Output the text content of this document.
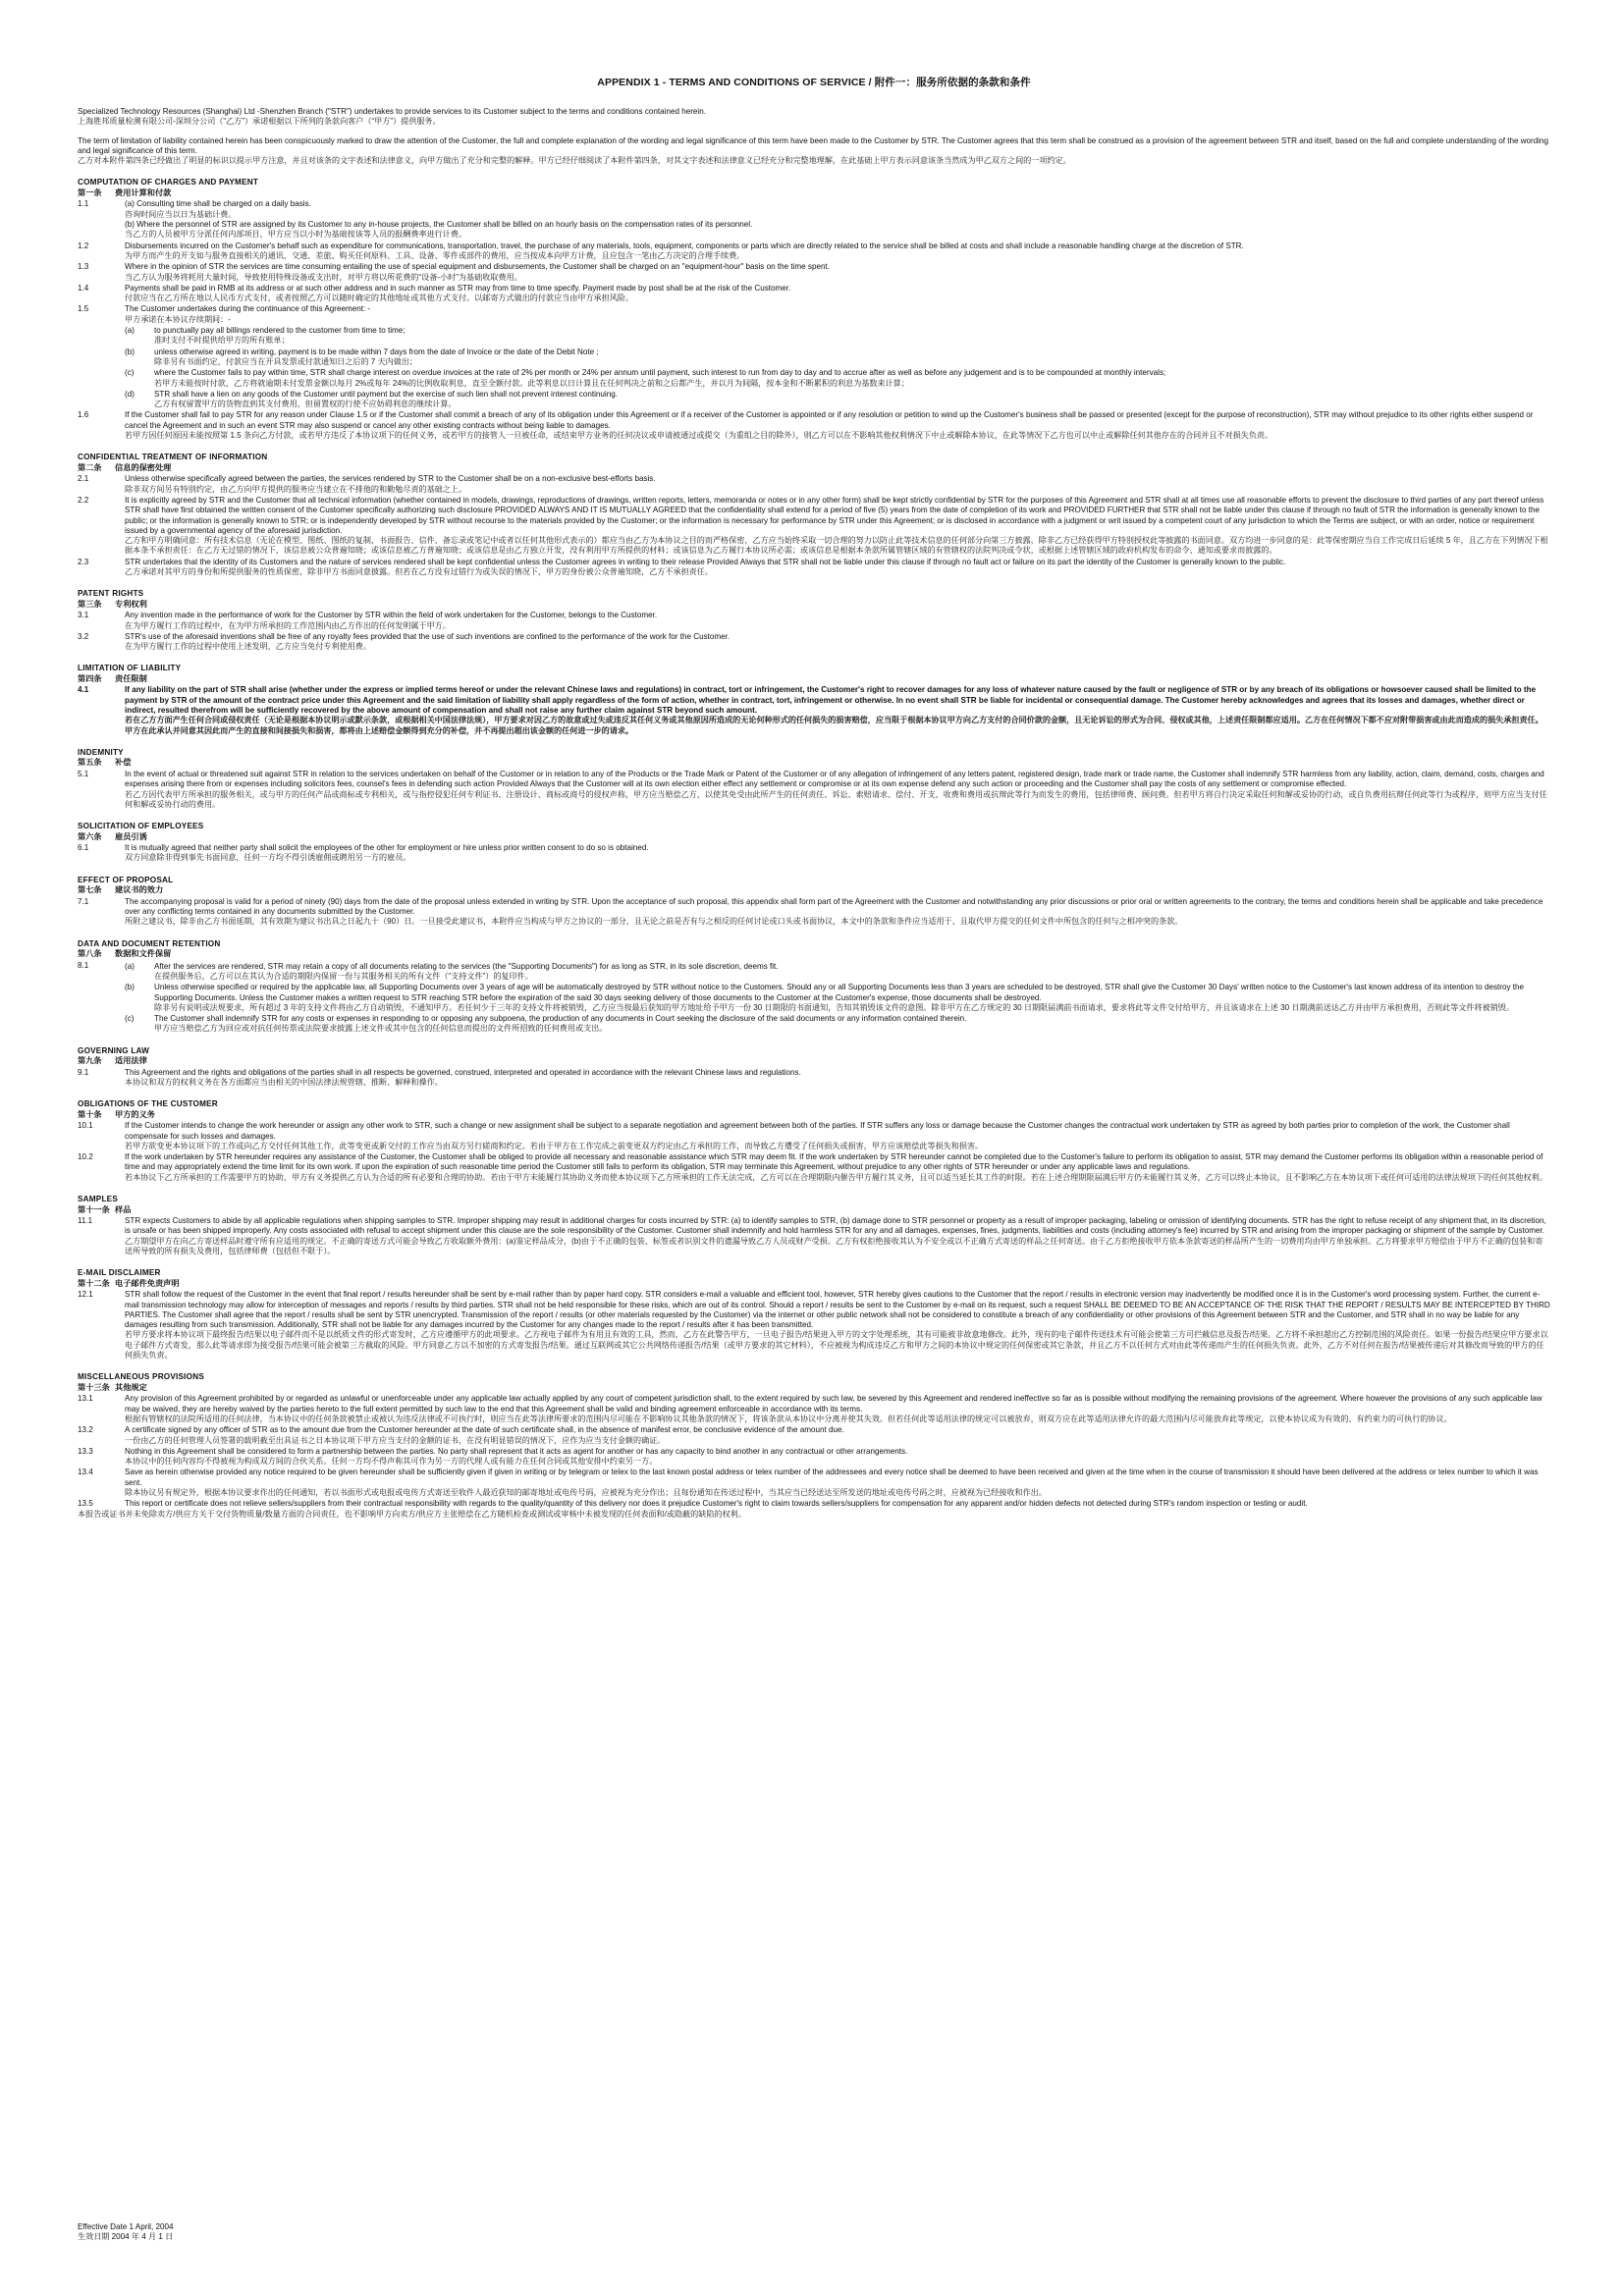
APPENDIX 1 - TERMS AND CONDITIONS OF SERVICE / 附件一：服务所依据的条款和条件
Specialized Technology Resources (Shanghai) Ltd -Shenzhen Branch ("STR") undertakes to provide services to its Customer subject to the terms and conditions contained herein.
上海胜邦质量检测有限公司-深圳分公司（“乙方”）承诺根据以下所列的条款向客户（“甲方”）提供服务。
The term of limitation of liability contained herein has been conspicuously marked to draw the attention of the Customer, the full and complete explanation of the wording and legal significance of this term have been made to the Customer by STR. The Customer agrees that this term shall be construed as a provision of the agreement between STR and itself, based on the full and complete understanding of the wording and legal significance of this term.
乙方对本附件第四条已经做出了明显的标识以提示甲方注意，并且对该条的文字表述和法律意义，向甲方做出了充分和完整的解释。甲方已经仔细阅读了本附件第四条，对其文字表述和法律意义已经充分和完整地理解，在此基础上甲方表示同意该条当然成为甲乙双方之间的一项约定。
COMPUTATION OF CHARGES AND PAYMENT
第一条 费用计算和付款
1.1	(a) Consulting time shall be charged on a daily basis.
咨询时间应当以日为基础计费。
(b) Where the personnel of STR are assigned by its Customer to any in-house projects, the Customer shall be billed on an hourly basis on the compensation rates of its personnel.
当乙方的人员被甲方分派任何内部项目，甲方应当以小时为基础按该等人员的报酬费率进行计费。
1.2	Disbursements incurred on the Customer's behalf such as expenditure for communications, transportation, travel, the purchase of any materials, tools, equipment, components or parts which are directly related to the service shall be billed at costs and shall include a reasonable handling charge at the discretion of STR.
为甲方而产生的开支如与服务直接相关的通讯、交通、差旅、购买任何原料、工具、设备、零件或部件的费用，应当按成本向甲方计费，且应包含一笔由乙方决定的合理手续费。
1.3	Where in the opinion of STR the services are time consuming entailing the use of special equipment and disbursements, the Customer shall be charged on an "equipment-hour" basis on the time spent.
当乙方认为服务将耗用大量时间，导致使用特殊设备或支出时，对甲方将以所花费的“设备-小时”为基础收取费用。
1.4	Payments shall be paid in RMB at its address or at such other address and in such manner as STR may from time to time specify. Payment made by post shall be at the risk of the Customer.
付款应当在乙方所在地以人民币方式支付，或者按照乙方可以随时确定的其他地址或其他方式支付。以邮寄方式做出的付款应当由甲方承担风险。
1.5	The Customer undertakes during the continuance of this Agreement: -
甲方承诺在本协议存续期间：-
(a)	to punctually pay all billings rendered to the customer from time to time;
准时支付不时提供给甲方的所有账单；
(b)	unless otherwise agreed in writing, payment is to be made within 7 days from the date of Invoice or the date of the Debit Note ;
除非另有书面约定，付款应当在开具发票或付款通知日之后的 7 天内做出；
(c)	where the Customer fails to pay within time, STR shall charge interest on overdue invoices at the rate of 2% per month or 24% per annum until payment, such interest to run from day to day and to accrue after as well as before any judgement and is to be compounded at monthly intervals;
若甲方未能按时付款，乙方将就逾期未付发票金额以每月 2%或每年 24%的比例收取利息，直至全额付款。此等利息以日计算且在任何判决之前和之后都产生，并以月为间隔，按本金和不断累积的利息为基数来计算；
(d)	STR shall have a lien on any goods of the Customer until payment but the exercise of such lien shall not prevent interest continuing.
乙方有权留置甲方的货物直到其支付费用，但留置权的行使不应妨碍利息的继续计算。
1.6	If the Customer shall fail to pay STR for any reason under Clause 1.5 or if the Customer shall commit a breach of any of its obligation under this Agreement or if a receiver of the Customer is appointed or if any resolution or petition to wind up the Customer's business shall be passed or presented (except for the purpose of reconstruction), STR may without prejudice to its other rights either suspend or cancel the Agreement and in such an event STR may also suspend or cancel any other existing contracts without being liable to damages.
若甲方因任何原因未能按照第 1.5 条向乙方付款，或若甲方违反了本协议项下的任何义务，或若甲方的接管人一旦被任命，或结束甲方业务的任何决议或申请被通过或提交（为重组之目的除外），则乙方可以在不影响其他权利情况下中止或解除本协议，在此等情况下乙方也可以中止或解除任何其他存在的合同并且不对损失负责。
CONFIDENTIAL TREATMENT OF INFORMATION
第二条 信息的保密处理
2.1	Unless otherwise specifically agreed between the parties, the services rendered by STR to the Customer shall be on a non-exclusive best-efforts basis.
除非双方间另有特别约定，由乙方向甲方提供的服务应当建立在不排他的和勤勉尽责的基础之上。
2.2	It is explicitly agreed by STR and the Customer that all technical information (whether contained in models, drawings, reproductions of drawings, written reports, letters, memoranda or notes or in any other form) shall be kept strictly confidential by STR for the purposes of this Agreement and STR shall at all times use all reasonable efforts to prevent the disclosure to third parties of any part thereof unless STR shall have first obtained the written consent of the Customer specifically authorizing such disclosure PROVIDED ALWAYS AND IT IS MUTUALLY AGREED that the confidentiality shall extend for a period of five (5) years from the date of completion of its work and PROVIDED FURTHER that STR shall not be liable under this clause if through no fault of STR the information is generally known to the public; or the information is generally known to STR; or is independently developed by STR without recourse to the materials provided by the Customer; or the information is necessary for performance by STR under this Agreement; or is disclosed in accordance with a judgment or writ issued by a competent court of any jurisdiction to which the Terms are subject, or with an order, notice or requirement issued by a governmental agency of the aforesaid jurisdiction.
乙方和甲方明确同意：所有技术信息（无论在模型、图纸、图纸的复制、书面报告、信件、备忘录或笔记中或者以任何其他形式表示的）都应当由乙方为本协议之目的而严格保密，乙方应当始终采取一切合理的努力以防止此等技术信息的任何部分向第三方披露，除非乙方已经获得甲方特别授权此等披露的书面同意。双方均进一步同意的是：此等保密期应当自工作完成日后延续 5 年，且乙方在下列情况下根据本条不承担责任：在乙方无过错的情况下，该信息被公众普遍知晓；或该信息被乙方普遍知晓；或该信息是由乙方独立开发，没有利用甲方所提供的材料；或该信息为乙方履行本协议所必需；或该信息是根据本条款所属管辖区域的有管辖权的法院判决或令状，或根据上述管辖区域的政府机构发布的命令、通知或要求而披露的。
2.3	STR undertakes that the identity of its Customers and the nature of services rendered shall be kept confidential unless the Customer agrees in writing to their release Provided Always that STR shall not be liable under this clause if through no fault act or failure on its part the identity of the Customer is generally known to the public.
乙方承诺对其甲方的身份和所提供服务的性质保密，除非甲方书面同意披露。但若在乙方没有过错行为或失误的情况下，甲方的身份被公众普遍知晓，乙方不承担责任。
PATENT RIGHTS
第三条 专利权利
3.1	Any invention made in the performance of work for the Customer by STR within the field of work undertaken for the Customer, belongs to the Customer.
在为甲方履行工作的过程中，在为甲方所承担的工作范围内由乙方作出的任何发明属于甲方。
3.2	STR's use of the aforesaid inventions shall be free of any royalty fees provided that the use of such inventions are confined to the performance of the work for the Customer.
在为甲方履行工作的过程中使用上述发明，乙方应当免付专利使用费。
LIMITATION OF LIABILITY
第四条 责任限制
4.1	If any liability on the part of STR shall arise (whether under the express or implied terms hereof or under the relevant Chinese laws and regulations) in contract, tort or infringement, the Customer's right to recover damages for any loss of whatever nature caused by the fault or negligence of STR or by any breach of its obligations or howsoever caused shall be limited to the payment by STR of the amount of the contract price under this Agreement and the said limitation of liability shall apply regardless of the form of action, whether in contract, tort, infringement or otherwise. In no event shall STR be liable for incidental or consequential damage. The Customer hereby acknowledges and agrees that its losses and damages, whether direct or indirect, resulted therefrom will be sufficiently recovered by the above amount of compensation and shall not raise any further claim against STR beyond such amount.
若在乙方方面产生任何合同或侵权责任（无论是根据本协议明示或默示条款，或根据相关中国法律法规），甲方要求对因乙方的故意或过失或违反其任何义务或其他原因所造成的无论何种形式的任何损失的损害赔偿，应当限于根据本协议甲方向乙方支付的合同价款的金额，且无论诉讼的形式为合同、侵权或其他，上述责任限制都应适用。乙方在任何情况下都不应对附带损害或由此而造成的损失承担责任。甲方在此承认并同意其因此而产生的直接和间接损失和损害，都将由上述赔偿金额得到充分的补偿，并不再提出超出该金额的任何进一步的请求。
INDEMNITY
第五条 补偿
5.1	In the event of actual or threatened suit against STR in relation to the services undertaken on behalf of the Customer or in relation to any of the Products or the Trade Mark or Patent of the Customer or of any allegation of infringement of any letters patent, registered design, trade mark or trade name, the Customer shall indemnify STR harmless from any liability, action, claim, demand, costs, charges and expenses arising there from or expenses including solicitors fees, counsel's fees in defending such action Provided Always that the Customer will at its own election either effect any settlement or compromise or at its own expense defend any such action or proceeding and the Customer shall pay the costs of any settlement or compromise effected.
若乙方因代表甲方所承担的服务相关，或与甲方的任何产品或商标或专利相关，或与指控侵犯任何专利证书、注册设计、商标或商号的侵权声称，甲方应当赔偿乙方，以使其免受由此所产生的任何责任、诉讼、索赔请求、偿付、开支、收费和费用或抗辩此等行为而发生的费用，包括律师费、顾问费。但若甲方将自行决定采取任何和解或妥协的行动，或自负费用抗辩任何此等行为或程序，则甲方应当支付任何和解或妥协行动的费用。
SOLICITATION OF EMPLOYEES
第六条 雇员引诱
6.1	It is mutually agreed that neither party shall solicit the employees of the other for employment or hire unless prior written consent to do so is obtained.
双方同意除非得到事先书面同意，任何一方均不得引诱雇佣或聘用另一方的雇员。
EFFECT OF PROPOSAL
第七条 建议书的效力
7.1	The accompanying proposal is valid for a period of ninety (90) days from the date of the proposal unless extended in writing by STR. Upon the acceptance of such proposal, this appendix shall form part of the Agreement with the Customer and notwithstanding any prior discussions or prior oral or written agreements to the contrary, the terms and conditions herein shall be applicable and take precedence over any conflicting terms contained in any documents submitted by the Customer.
所附之建议书，除非由乙方书面延期，其有效期为建议书出具之日起九十（90）日。一旦接受此建议书，本附件应当构成与甲方之协议的一部分，且无论之前是否有与之相反的任何讨论或口头或书面协议，本文中的条款和条件应当适用于、且取代甲方提交的任何文件中所包含的任何与之相冲突的条款。
DATA AND DOCUMENT RETENTION
第八条 数据和文件保留
8.1	(a)	After the services are rendered, STR may retain a copy of all documents relating to the services (the "Supporting Documents") for as long as STR, in its sole discretion, deems fit.
在提供服务后，乙方可以在其认为合适的期限内保留一份与其服务相关的所有文件（“支持文件”）的复印件。
(b)	Unless otherwise specified or required by the applicable law, all Supporting Documents over 3 years of age will be automatically destroyed by STR without notice to the Customers. Should any or all Supporting Documents less than 3 years are scheduled to be destroyed, STR shall give the Customer 30 Days' written notice to the Customer's last known address of its intention to destroy the Supporting Documents. Unless the Customer makes a written request to STR reaching STR before the expiration of the said 30 days seeking delivery of those documents to the Customer at the Customer's expense, those documents shall be destroyed.
除非另有说明或法规要求，所有超过 3 年的支持文件将由乙方自动销毁，不通知甲方。若任何少于三年的支持文件将被销毁，乙方应当按最后获知的甲方地址给予甲方一份 30 日期限的书面通知，告知其销毁该文件的意图。除非甲方在乙方规定的 30 日期限届满前书面请求，要求将此等文件交付给甲方，并且该请求在上述 30 日期满前送达乙方并由甲方承担费用，否则此等文件将被销毁。
(c)	The Customer shall indemnify STR for any costs or expenses in responding to or opposing any subpoena, the production of any documents in Court seeking the disclosure of the said documents or any information contained therein.
甲方应当赔偿乙方为回应或对抗任何传票或法院要求披露上述文件或其中包含的任何信息而提出的文件所招致的任何费用或支出。
GOVERNING LAW
第九条 适用法律
9.1	This Agreement and the rights and obligations of the parties shall in all respects be governed, construed, interpreted and operated in accordance with the relevant Chinese laws and regulations.
本协议和双方的权利义务在各方面都应当由相关的中国法律法规管辖、推断、解释和操作。
OBLIGATIONS OF THE CUSTOMER
第十条 甲方的义务
10.1	If the Customer intends to change the work hereunder or assign any other work to STR, such a change or new assignment shall be subject to a separate negotiation and agreement between both of the parties. If STR suffers any loss or damage because the Customer changes the contractual work undertaken by STR as agreed by both parties prior to completion of the work, the Customer shall compensate for such losses and damages.
若甲方欲变更本协议项下的工作或向乙方交付任何其他工作，此等变更或新交付的工作应当由双方另行磋商和约定。若由于甲方在工作完成之前变更双方约定由乙方承担的工作，而导致乙方遭受了任何损失或损害，甲方应该赔偿此等损失和损害。
10.2	If the work undertaken by STR hereunder requires any assistance of the Customer, the Customer shall be obliged to provide all necessary and reasonable assistance which STR may deem fit. If the work undertaken by STR hereunder cannot be completed due to the Customer's failure to perform its obligation to assist, STR may demand the Customer performs its obligation within a reasonable period of time and may appropriately extend the time limit for its own work. If upon the expiration of such reasonable time period the Customer still fails to perform its obligation, STR may terminate this Agreement, without prejudice to any other rights of STR hereunder or under any applicable laws and regulations.
若本协议下乙方所承担的工作需要甲方的协助，甲方有义务提供乙方认为合适的所有必要和合理的协助。若由于甲方未能履行其协助义务而使本协议项下乙方所承担的工作无法完成，乙方可以在合理期限内催告甲方履行其义务，且可以适当延长其工作的时限。若在上述合理期限届满后甲方仍未能履行其义务，乙方可以终止本协议，且不影响乙方在本协议项下或任何可适用的法律法规项下的任何其他权利。
SAMPLES
第十一条 样品
11.1	STR expects Customers to abide by all applicable regulations when shipping samples to STR. Improper shipping may result in additional charges for costs incurred by STR: (a) to identify samples to STR, (b) damage done to STR personnel or property as a result of improper packaging, labeling or omission of identifying documents. STR has the right to refuse receipt of any shipment that, in its discretion, is unsafe or has been shipped improperly. Any costs associated with refusal to accept shipment under this clause are the sole responsibility of the Customer. Customer shall indemnify and hold harmless STR for any and all damages, expenses, fines, judgments, liabilities and costs (including attorney's fee) incurred by STR and arising from the improper packaging or shipment of the sample by Customer.
乙方期望甲方在向乙方寄送样品时遵守所有应适用的规定。不正确的寄送方式可能会导致乙方收取额外费用：(a)鉴定样品成分，(b)由于不正确的包装、标签或者识别文件的遗漏导致乙方人员或财产受损。乙方有权拒绝接收其认为不安全或以不正确方式寄送的样品之任何寄送。由于乙方拒绝接收甲方依本条款寄送的样品所产生的一切费用均由甲方单独承担。乙方将要求甲方赔偿由于甲方不正确的包装和寄送所导致的所有损失及费用，包括律师费（包括但不限于）。
E-MAIL DISCLAIMER
第十二条 电子邮件免责声明
12.1	STR shall follow the request of the Customer in the event that final report / results hereunder shall be sent by e-mail rather than by paper hard copy. STR considers e-mail a valuable and efficient tool, however, STR hereby gives cautions to the Customer that the report / results in electronic version may inadvertently be modified once it is in the Customer's word processing system. Further, the current e-mail transmission technology may allow for interception of messages and reports / results by third parties. STR shall not be held responsible for these risks, which are out of its control. Should a report / results be sent to the Customer by e-mail on its request, such a request SHALL BE DEEMED TO BE AN ACCEPTANCE OF THE RISK THAT THE REPORT / RESULTS MAY BE INTERCEPTED BY THIRD PARTIES. The Customer shall agree that the report / results shall be sent by STR unencrypted. Transmission of the report / results (or other materials requested by the Customer) via the internet or other public network shall not be considered to constitute a breach of any confidentiality or other provisions of this Agreement between STR and the Customer, and STR shall in no way be liable for any damages resulting from such transmission. Additionally, STR shall not be liable for any damages incurred by the Customer for any changes made to the report / results after it has been transmitted.
若甲方要求将本协议项下最终报告/结果以电子邮件而不是以纸质文件的形式寄发时，乙方应遵循甲方的此项要求。乙方视电子邮件为有用且有效的工具，然而，乙方在此警告甲方，一旦电子报告/结果进入甲方的文字处理系统，其有可能被非故意地修改。此外，现有的电子邮件传送技术有可能会使第三方可拦截信息及报告/结果。乙方将不承担超出乙方控制范围的风险责任。如果一份报告/结果应甲方要求以电子邮件方式寄发，那么此等请求即为接受报告/结果可能会被第三方截取的风险。甲方同意乙方以不加密的方式寄发报告/结果。通过互联网或其它公共网络传递报告/结果（或甲方要求的其它材料），不应被视为构成违反乙方和甲方之间的本协议中规定的任何保密或其它条款，并且乙方不以任何方式对由此等传递而产生的任何损失负责。此外，乙方不对任何在报告/结果被传递后对其修改而导致的甲方的任何损失负责。
MISCELLANEOUS PROVISIONS
第十三条 其他规定
13.1	Any provision of this Agreement prohibited by or regarded as unlawful or unenforceable under any applicable law actually applied by any court of competent jurisdiction shall, to the extent required by such law, be severed by this Agreement and rendered ineffective so far as is possible without modifying the remaining provisions of the agreement. Where however the provisions of any such applicable law may be waived, they are hereby waived by the parties hereto to the full extent permitted by such law to the end that this Agreement shall be valid and binding agreement enforceable in accordance with its terms.
根据有管辖权的法院所适用的任何法律，当本协议中的任何条款被禁止或被认为违反法律或不可执行时，则应当在此等法律所要求的范围内尽可能在不影响协议其他条款的情况下，将该条款从本协议中分离并使其失效。但若任何此等适用法律的规定可以被放弃，则双方应在此等适用法律允许的最大范围内尽可能放弃此等规定，以使本协议成为有效的、有约束力的可执行的协议。
13.2	A certificate signed by any officer of STR as to the amount due from the Customer hereunder at the date of such certificate shall, in the absence of manifest error, be conclusive evidence of the amount due.
一份由乙方的任何管理人员签署的载明截至出具证书之日本协议项下甲方应当支付的金额的证书，在没有明显错误的情况下，应作为应当支付金额的确证。
13.3	Nothing in this Agreement shall be considered to form a partnership between the parties. No party shall represent that it acts as agent for another or has any capacity to bind another in any contractual or other arrangements.
本协议中的任何内容均不得被视为构成双方间的合伙关系。任何一方均不得声称其可作为另一方的代理人或有能力在任何合同或其他安排中约束另一方。
13.4	Save as herein otherwise provided any notice required to be given hereunder shall be sufficiently given if given in writing or by telegram or telex to the last known postal address or telex number of the addressees and every notice shall be deemed to have been received and given at the time when in the course of transmission it should have been delivered at the address or telex number to which it was sent.
除本协议另有规定外，根据本协议要求作出的任何通知，若以书面形式或电报或电传方式寄送至收件人最近获知的邮寄地址或电传号码，应被视为充分作出；且每份通知在传送过程中，当其应当已经送达至所发送的地址或电传号码之时，应被视为已经接收和作出。
13.5	This report or certificate does not relieve sellers/suppliers from their contractual responsibility with regards to the quality/quantity of this delivery nor does it prejudice Customer's right to claim towards sellers/suppliers for compensation for any apparent and/or hidden defects not detected during STR's random inspection or testing or audit.
本报告或证书并未免除卖方/供应方关于交付货物质量/数量方面的合同责任，也不影响甲方向卖方/供应方主张赔偿在乙方随机检查或测试或审核中未被发现的任何表面和/或隐蔽的缺陷的权利。
Effective Date 1 April, 2004
生效日期 2004 年 4 月 1 日
